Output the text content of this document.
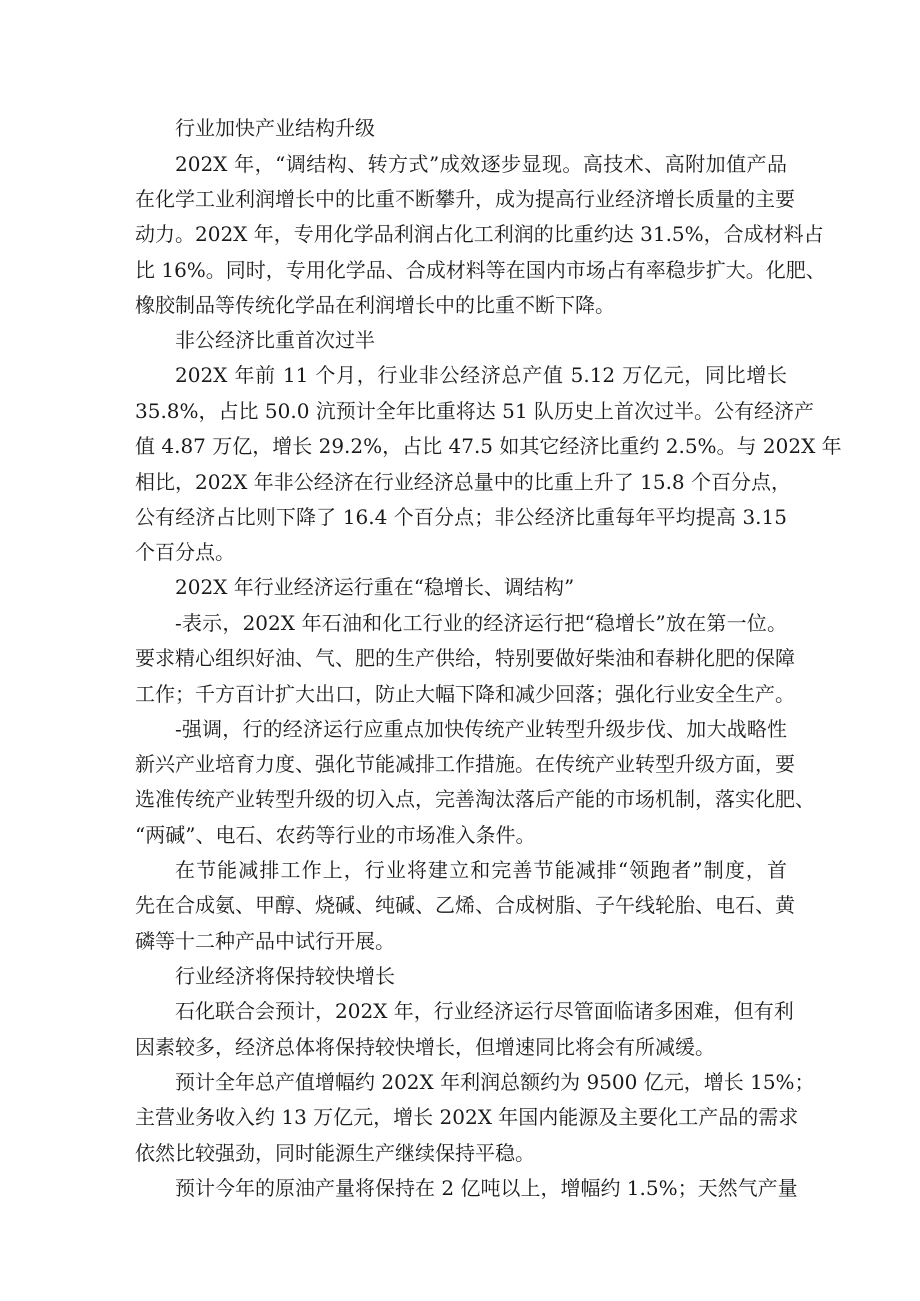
行业加快产业结构升级
202X 年，“调结构、转方式”成效逐步显现。高技术、高附加值产品
在化学工业利润增长中的比重不断攀升，成为提高行业经济增长质量的主要
动力。202X 年，专用化学品利润占化工利润的比重约达 31.5%，合成材料占
比 16%。同时，专用化学品、合成材料等在国内市场占有率稳步扩大。化肥、
橡胶制品等传统化学品在利润增长中的比重不断下降。
非公经济比重首次过半
202X 年前 11 个月，行业非公经济总产值 5.12 万亿元，同比增长
35.8%，占比 50.0 沆预计全年比重将达 51 队历史上首次过半。公有经济产
值 4.87 万亿，增长 29.2%，占比 47.5 如其它经济比重约 2.5%。与 202X 年
相比，202X 年非公经济在行业经济总量中的比重上升了 15.8 个百分点，
公有经济占比则下降了 16.4 个百分点；非公经济比重每年平均提高 3.15
个百分点。
202X 年行业经济运行重在“稳增长、调结构”
-表示，202X 年石油和化工行业的经济运行把“稳增长”放在第一位。
要求精心组织好油、气、肥的生产供给，特别要做好柴油和春耕化肥的保障
工作；千方百计扩大出口，防止大幅下降和减少回落；强化行业安全生产。
-强调，行的经济运行应重点加快传统产业转型升级步伐、加大战略性
新兴产业培育力度、强化节能减排工作措施。在传统产业转型升级方面，要
选准传统产业转型升级的切入点，完善淘汰落后产能的市场机制，落实化肥、
“两碱”、电石、农药等行业的市场准入条件。
在节能减排工作上，行业将建立和完善节能减排“领跑者”制度，首
先在合成氨、甲醇、烧碱、纯碱、乙烯、合成树脂、子午线轮胎、电石、黄
磷等十二种产品中试行开展。
行业经济将保持较快增长
石化联合会预计，202X 年，行业经济运行尽管面临诸多困难，但有利
因素较多，经济总体将保持较快增长，但增速同比将会有所减缓。
预计全年总产值增幅约 202X 年利润总额约为 9500 亿元，增长 15%；
主营业务收入约 13 万亿元，增长 202X 年国内能源及主要化工产品的需求
依然比较强劲，同时能源生产继续保持平稳。
预计今年的原油产量将保持在 2 亿吨以上，增幅约 1.5%；天然气产量
